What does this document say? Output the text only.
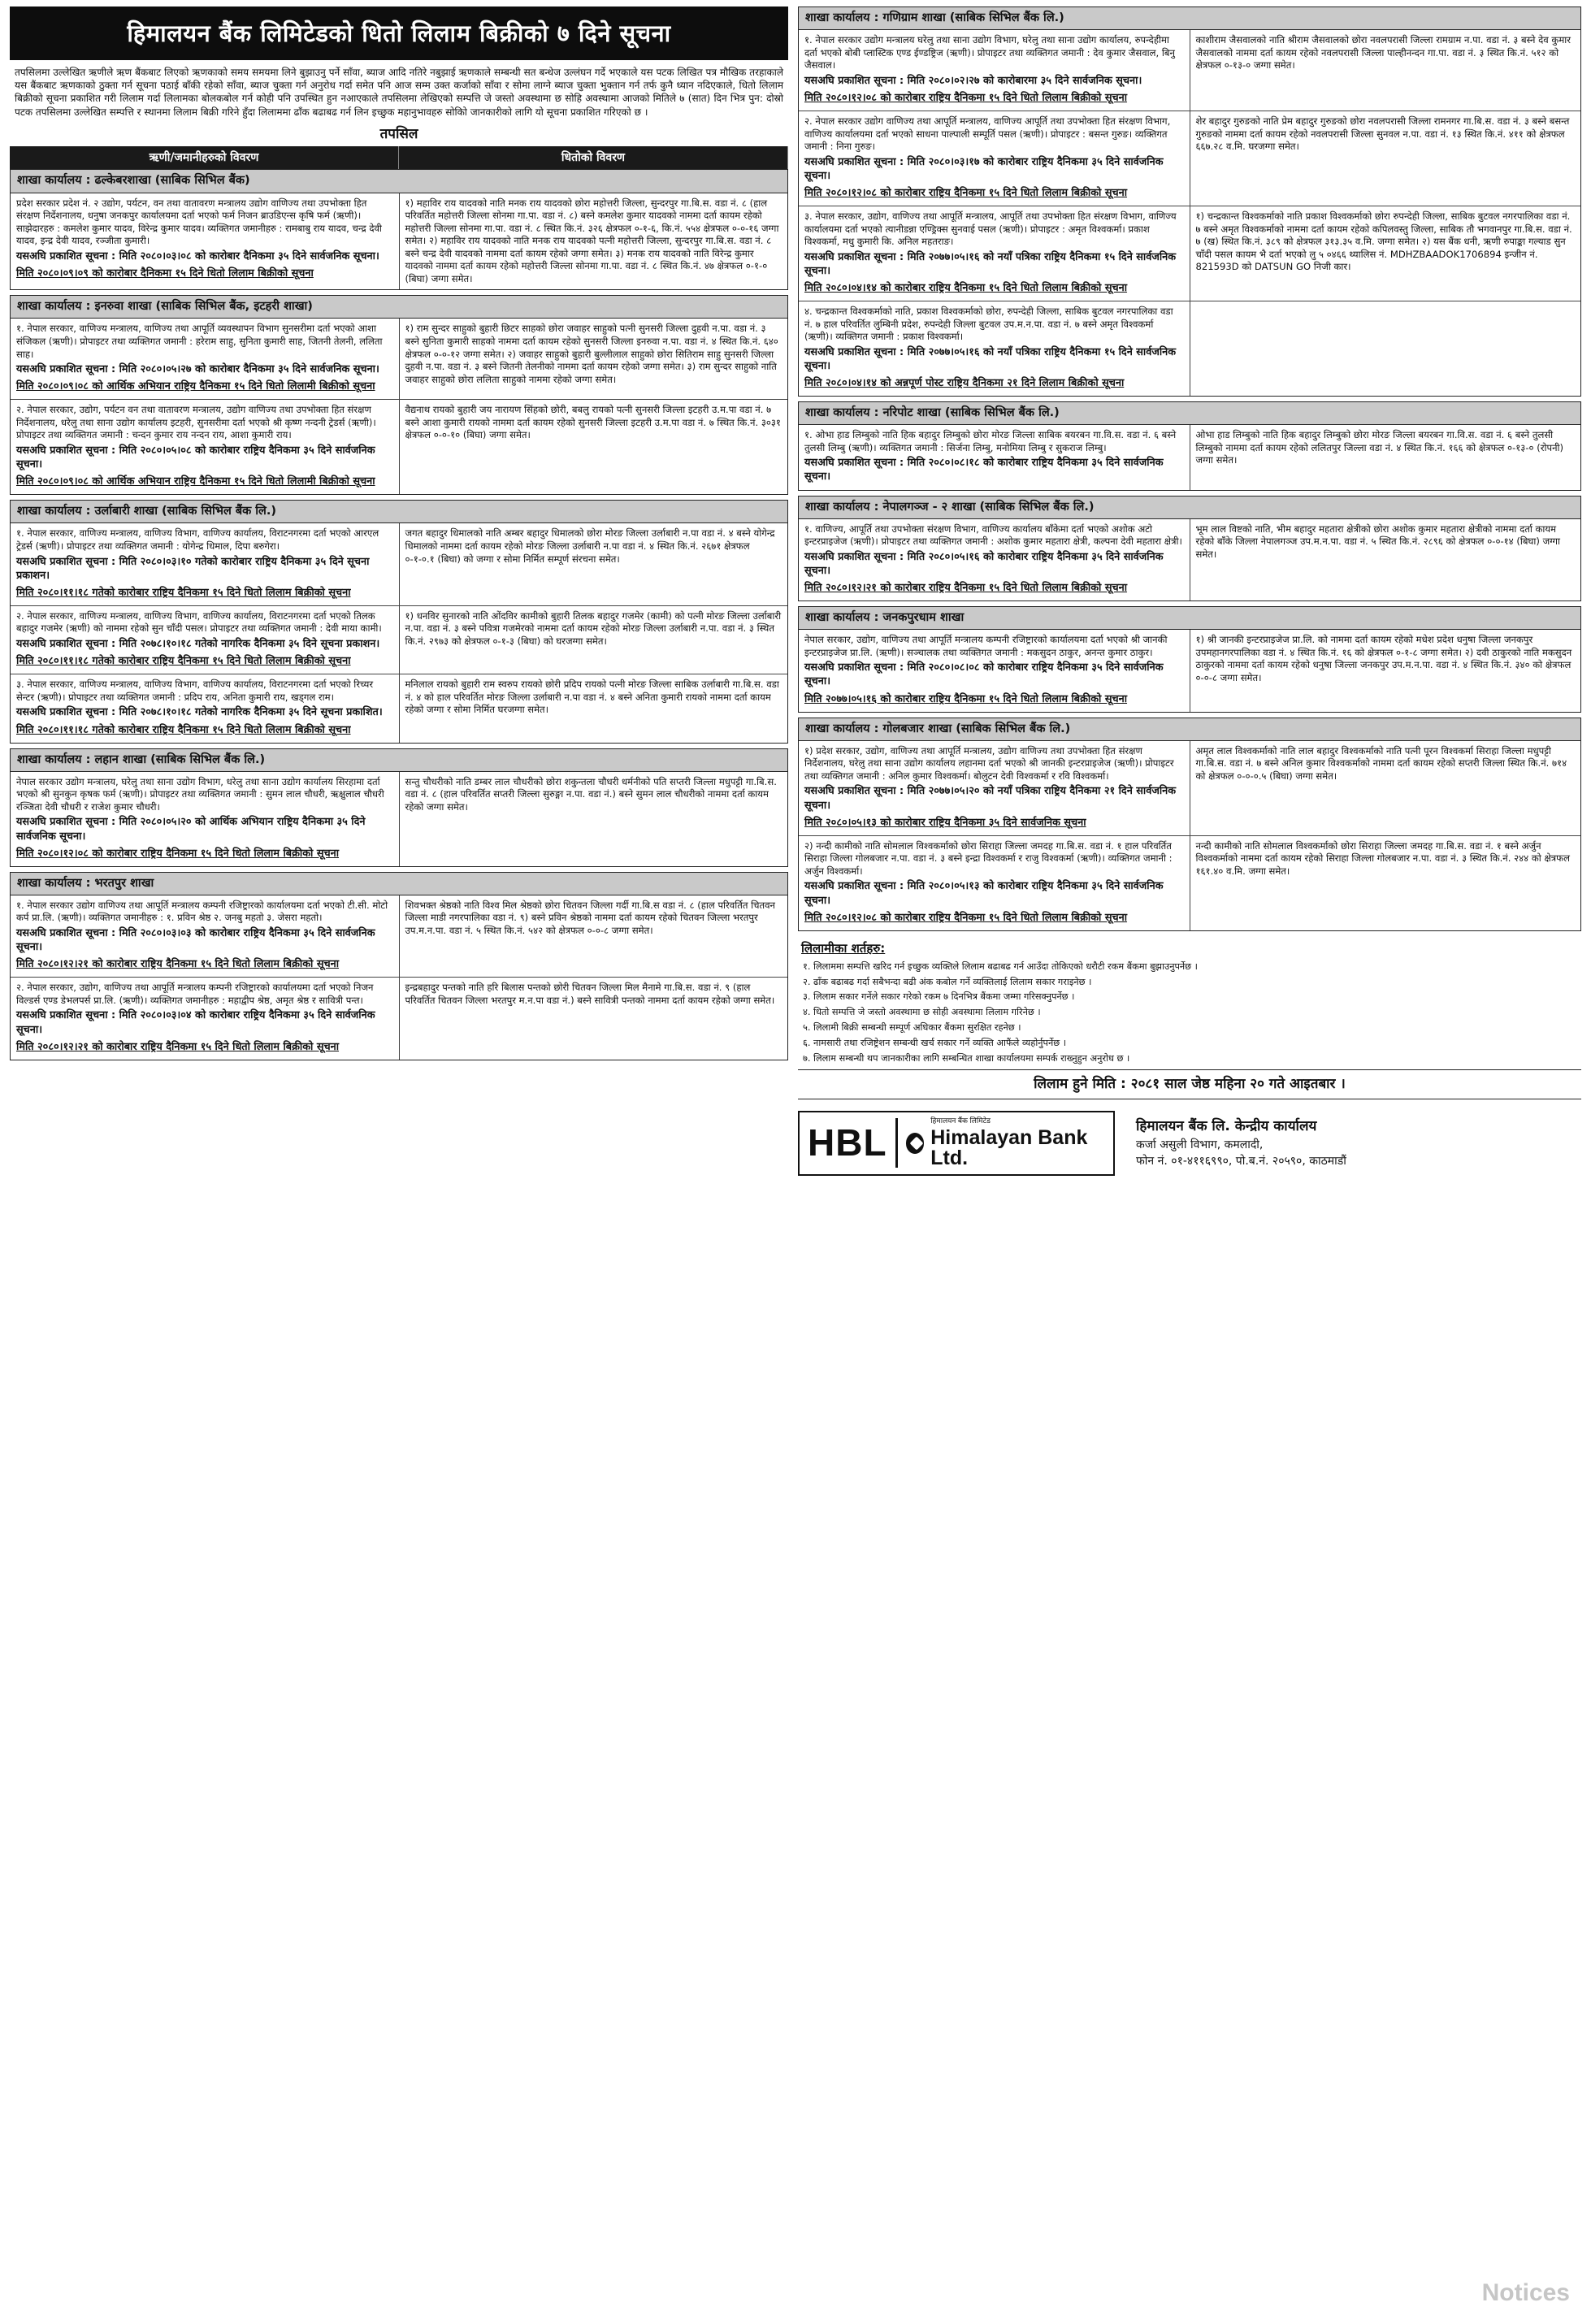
हिमालयन बैंक लिमिटेडको धितो लिलाम बिक्रीको ७ दिने सूचना
तपसिलमा उल्लेखित ऋणीले ऋण बैंकबाट लिएको ऋणकाको समय समयमा लिने बुझाउनु पर्ने साँवा, ब्याज आदि नतिरे नबुझाई ऋणकाले सम्बन्धी सत बन्धेज उल्लंघन गर्दे भएकाले यस पटक लिखित पत्र मौखिक तरहाकाले यस बैंकबाट ऋणकाको ठुक्ता गर्न सूचना पठाई बाँकी रहेको साँवा, ब्याज चुक्ता गर्न अनुरोध गर्दा समेत पनि आज सम्म उक्त कर्जाको साँवा र सोमा लाग्ने ब्याज चुक्ता भुक्तान गर्न तर्फ कुनै ध्यान नदिएकाले, धितो लिलाम बिक्रीको सूचना प्रकाशित गरी लिलाम गर्दा लिलामका बोलकबोल गर्न कोही पनि उपस्थित हुन नआएकाले तपसिलमा लेखिएको सम्पत्ति जे जस्तो अवस्थामा छ सोहि अवस्थामा आजको मितिले ७ (सात) दिन भित्र पुन: दोस्रो पटक तपसिलमा उल्लेखित सम्पत्ति र स्थानमा लिलाम बिक्री गरिने हुँदा लिलाममा ढाँक बढाबढ गर्न लिन इच्छुक महानुभावहरु सोकिो जानकारीको लागि यो सूचना प्रकाशित गरिएको छ ।
तपसिल
ऋणी/जमानीहरुको विवरण	धितोको विवरण
शाखा कार्यालय : ढल्केबरशाखा (साबिक सिभिल बैंक)
प्रदेश सरकार प्रदेश नं. २ उद्योग, पर्यटन, वन तथा वातावरण मन्त्रालय उद्योग वाणिज्य तथा उपभोक्ता हित संरक्षण निर्देशनालय, धनुषा जनकपुर कार्यालयमा दर्ता भएको फर्म निजन ब्राउडिएन्स कृषि फर्म (ऋणी)। साझेदारहरु : कमलेश कुमार यादव, विरेन्द्र कुमार यादव। व्यक्तिगत जमानीहरु : रामबाबु राय यादव, चन्द्र देवी यादव, इन्द्र देवी यादव, रञ्जीता कुमारी।
यसअघि प्रकाशित सूचना : मिति २०८०।०३।०८ को कारोबार दैनिकमा ३५ दिने सार्वजनिक सूचना।
मिति २०८०।०९।०९ को कारोबार दैनिकमा १५ दिने धितो लिलाम बिक्रीको सूचना
१) महाविर राय यादवको नाति मनक राय यादवको छोरा महोत्तरी जिल्ला, सुन्दरपुर गा.बि.स. वडा नं. ८ (हाल परिवर्तित महोत्तरी जिल्ला सोनमा गा.पा. वडा नं. ८) बस्ने कमलेश कुमार यादवको नाममा दर्ता कायम रहेको महोत्तरी जिल्ला सोनमा गा.पा. वडा नं. ८ स्थित कि.नं. ३२६ क्षेत्रफल ०-१-६, कि.नं. ५५४ क्षेत्रफल ०-०-१६ जग्गा समेत। २) महाविर राय यादवको नाति मनक राय यादवको पत्नी महोत्तरी जिल्ला, सुन्दरपुर गा.बि.स. वडा नं. ८ बस्ने चन्द्र देवी यादवको नाममा दर्ता कायम रहेको जग्गा समेत। ३) मनक राय यादवको नाति विरेन्द्र कुमार यादवको नाममा दर्ता कायम रहेको महोत्तरी जिल्ला सोनमा गा.पा. वडा नं. ८ स्थित कि.नं. ४७ क्षेत्रफल ०-१-० (बिघा) जग्गा समेत।
शाखा कार्यालय : इनरुवा शाखा (साबिक सिभिल बैंक, इटहरी शाखा)
१. नेपाल सरकार, वाणिज्य मन्त्रालय, वाणिज्य तथा आपूर्ति व्यवस्थापन विभाग सुनसरीमा दर्ता भएको आशा संजिकल (ऋणी)। प्रोपाइटर तथा व्यक्तिगत जमानी : हरेराम साहु, सुनिता कुमारी साह, जितनी तेलनी, ललिता साह।
यसअघि प्रकाशित सूचना : मिति २०८०।०५।२७ को कारोबार दैनिकमा ३५ दिने सार्वजनिक सूचना।
मिति २०८०।०९।०८ को आर्थिक अभियान राष्ट्रिय दैनिकमा १५ दिने धितो लिलामी बिक्रीको सूचना
१) राम सुन्दर साहुको बुहारी छिटर साहको छोरा जवाहर साहुको पत्नी सुनसरी जिल्ला दुहवी न.पा. वडा नं. ३ बस्ने सुनिता कुमारी साहको नाममा दर्ता कायम रहेको सुनसरी जिल्ला इनरुवा न.पा. वडा नं. ४ स्थित कि.नं. ६४० क्षेत्रफल ०-०-१२ जग्गा समेत। २) जवाहर साहुको बुहारी बुल्लीलाल साहुको छोरा सितिराम साहु सुनसरी जिल्ला दुहवी न.पा. वडा नं. ३ बस्ने जितनी तेलनीको नाममा दर्ता कायम रहेको जग्गा समेत। ३) राम सुन्दर साहुको नाति जवाहर साहुको छोरा ललिता साहुको नाममा रहेको जग्गा समेत।
२. नेपाल सरकार, उद्योग, पर्यटन वन तथा वातावरण मन्त्रालय, उद्योग वाणिज्य तथा उपभोक्ता हित संरक्षण निर्देशनालय, धरेलु तथा साना उद्योग कार्यालय इटहरी, सुनसरीमा दर्ता भएको श्री कृष्ण नन्दनी ट्रेडर्स (ऋणी)। प्रोपाइटर तथा व्यक्तिगत जमानी : चन्दन कुमार राय नन्दन राय, आशा कुमारी राय।
यसअघि प्रकाशित सूचना : मिति २०८०।०५।०८ को कारोबार राष्ट्रिय दैनिकमा ३५ दिने सार्वजनिक सूचना।
मिति २०८०।०९।०८ को आर्थिक अभियान राष्ट्रिय दैनिकमा १५ दिने धितो लिलामी बिक्रीको सूचना
वैद्यनाथ रायको बुहारी जय नारायण सिंहको छोरी, बबलु रायको पत्नी सुनसरी जिल्ला इटहरी उ.म.पा वडा नं. ७ बस्ने आशा कुमारी रायको नाममा दर्ता कायम रहेको सुनसरी जिल्ला इटहरी उ.म.पा वडा नं. ७ स्थित कि.नं. ३०३१ क्षेत्रफल ०-०-१० (बिघा) जग्गा समेत।
शाखा कार्यालय : उर्लाबारी शाखा (साबिक सिभिल बैंक लि.)
१. नेपाल सरकार, वाणिज्य मन्त्रालय, वाणिज्य विभाग, वाणिज्य कार्यालय, विराटनगरमा दर्ता भएको आरएल ट्रेडर्स (ऋणी)। प्रोपाइटर तथा व्यक्तिगत जमानी : योगेन्द्र धिमाल, दिपा बरुगेरा।
यसअघि प्रकाशित सूचना : मिति २०८०।०३।१० गतेको कारोबार राष्ट्रिय दैनिकमा ३५ दिने सूचना प्रकाशन।
मिति २०८०।११।१८ गतेको कारोबार राष्ट्रिय दैनिकमा १५ दिने धितो लिलाम बिक्रीको सूचना
जगत बहादुर धिमालको नाति अम्बर बहादुर धिमालको छोरा मोरङ जिल्ला उर्लाबारी न.पा वडा नं. ४ बस्ने योगेन्द्र धिमालको नाममा दर्ता कायम रहेको मोरङ जिल्ला उर्लाबारी न.पा वडा नं. ४ स्थित कि.नं. २६७१ क्षेत्रफल ०-१-०.१ (बिघा) को जग्गा र सोमा निर्मित सम्पूर्ण संरचना समेत।
२. नेपाल सरकार, वाणिज्य मन्त्रालय, वाणिज्य विभाग, वाणिज्य कार्यालय, विराटनगरमा दर्ता भएको तिलक बहादुर गजमेर (ऋणी) को नाममा रहेको सुन चाँदी पसल। प्रोपाइटर तथा व्यक्तिगत जमानी : देवी माया कामी।
यसअघि प्रकाशित सूचना : मिति २०७८।१०।१८ गतेको नागरिक दैनिकमा ३५ दिने सूचना प्रकाशन।
मिति २०८०।११।१८ गतेको कारोबार राष्ट्रिय दैनिकमा १५ दिने धितो लिलाम बिक्रीको सूचना
१) धनविर सुनारको नाति ओंदविर कामीको बुहारी तिलक बहादुर गजमेर (कामी) को पत्नी मोरङ जिल्ला उर्लाबारी न.पा. वडा नं. ३ बस्ने पवित्रा गजमेरको नाममा दर्ता कायम रहेको मोरङ जिल्ला उर्लाबारी न.पा. वडा नं. ३ स्थित कि.नं. २९७३ को क्षेत्रफल ०-१-३ (बिघा) को घरजग्गा समेत।
३. नेपाल सरकार, वाणिज्य मन्त्रालय, वाणिज्य विभाग, वाणिज्य कार्यालय, विराटनगरमा दर्ता भएको रिच्यर सेन्टर (ऋणी)। प्रोपाइटर तथा व्यक्तिगत जमानी : प्रदिप राय, अनिता कुमारी राय, खड्गल राम।
यसअघि प्रकाशित सूचना : मिति २०७८।१०।१८ गतेको नागरिक दैनिकमा ३५ दिने सूचना प्रकाशित।
मिति २०८०।११।१८ गतेको कारोबार राष्ट्रिय दैनिकमा १५ दिने धितो लिलाम बिक्रीको सूचना
मनिलाल रायको बुहारी राम स्वरुप रायको छोरी प्रदिप रायको पत्नी मोरङ जिल्ला साबिक उर्लाबारी गा.बि.स. वडा नं. ४ को हाल परिवर्तित मोरङ जिल्ला उर्लाबारी न.पा वडा नं. ४ बस्ने अनिता कुमारी रायको नाममा दर्ता कायम रहेको जग्गा र सोमा निर्मित घरजग्गा समेत।
शाखा कार्यालय : लहान शाखा (साबिक सिभिल बैंक लि.)
नेपाल सरकार उद्योग मन्त्रालय, घरेलु तथा साना उद्योग विभाग, धरेलु तथा साना उद्योग कार्यालय सिरहामा दर्ता भएको श्री सुनकुन कृषक फर्म (ऋणी)। प्रोपाइटर तथा व्यक्तिगत जमानी : सुमन लाल चौधरी, ऋक्षुलाल चौधरी रञ्जिता देवी चौधरी र राजेश कुमार चौधरी।
यसअघि प्रकाशित सूचना : मिति २०८०।०५।२० को आर्थिक अभियान राष्ट्रिय दैनिकमा ३५ दिने सार्वजनिक सूचना।
मिति २०८०।१२।०८ को कारोबार राष्ट्रिय दैनिकमा १५ दिने धितो लिलाम बिक्रीको सूचना
सन्तु चौधरीको नाति डम्बर लाल चौधरीको छोरा शकुन्तला चौधरी धर्मनीको पति सप्तरी जिल्ला मधुपट्टी गा.बि.स. वडा नं. ८ (हाल परिवर्तित सप्तरी जिल्ला सुरुङ्गा न.पा. वडा नं.) बस्ने सुमन लाल चौधरीको नाममा दर्ता कायम रहेको जग्गा समेत।
शाखा कार्यालय : भरतपुर शाखा
१. नेपाल सरकार उद्योग वाणिज्य तथा आपूर्ति मन्त्रालय कम्पनी रजिष्ट्रारको कार्यालयमा दर्ता भएको टी.सी. मोटो कर्प प्रा.लि. (ऋणी)। व्यक्तिगत जमानीहरु : १. प्रविन श्रेष्ठ २. जनबु महतो ३. जेसरा महतो।
यसअघि प्रकाशित सूचना : मिति २०८०।०३।०३ को कारोबार राष्ट्रिय दैनिकमा ३५ दिने सार्वजनिक सूचना।
मिति २०८०।१२।२१ को कारोबार राष्ट्रिय दैनिकमा १५ दिने धितो लिलाम बिक्रीको सूचना
शिवभक्त श्रेष्ठको नाति विश्व मिल श्रेष्ठको छोरा चितवन जिल्ला गर्दी गा.बि.स वडा नं. ८ (हाल परिवर्तित चितवन जिल्ला माडी नगरपालिका वडा नं. ९) बस्ने प्रविन श्रेष्ठको नाममा दर्ता कायम रहेको चितवन जिल्ला भरतपुर उप.म.न.पा. वडा नं. ५ स्थित कि.नं. ५४२ को क्षेत्रफल ०-०-८ जग्गा समेत।
२. नेपाल सरकार, उद्योग, वाणिज्य तथा आपूर्ति मन्त्रालय कम्पनी रजिष्ट्रारको कार्यालयमा दर्ता भएको निजन विल्डर्स एण्ड डेभलपर्स प्रा.लि. (ऋणी)। व्यक्तिगत जमानीहरु : महाद्वीप श्रेष्ठ, अमृत श्रेष्ठ र सावित्री पन्त।
यसअघि प्रकाशित सूचना : मिति २०८०।०३।०४ को कारोबार राष्ट्रिय दैनिकमा ३५ दिने सार्वजनिक सूचना।
मिति २०८०।१२।२१ को कारोबार राष्ट्रिय दैनिकमा १५ दिने धितो लिलाम बिक्रीको सूचना
इन्द्रबहादुर पन्तको नाति हरि बिलास पन्तको छोरी चितवन जिल्ला मिल मैनामे गा.बि.स. वडा नं. ९ (हाल परिवर्तित चितवन जिल्ला भरतपुर म.न.पा वडा नं.) बस्ने सावित्री पन्तको नाममा दर्ता कायम रहेको जग्गा समेत।
शाखा कार्यालय : गणिग्राम शाखा (साबिक सिभिल बैंक लि.)
१. नेपाल सरकार उद्योग मन्त्रालय घरेलु तथा साना उद्योग विभाग, घरेलु तथा साना उद्योग कार्यालय, रुपन्देहीमा दर्ता भएको बोबी प्लास्टिक एण्ड ईण्डष्ट्रिज (ऋणी)। प्रोपाइटर तथा व्यक्तिगत जमानी : देव कुमार जैसवाल, बिनु जैसवाल।
यसअघि प्रकाशित सूचना : मिति २०८०।०२।२७ को कारोबारमा ३५ दिने सार्वजनिक सूचना।
मिति २०८०।१२।०८ को कारोबार राष्ट्रिय दैनिकमा १५ दिने धितो लिलाम बिक्रीको सूचना
काशीराम जैसवालको नाति श्रीराम जैसवालको छोरा नवलपरासी जिल्ला रामग्राम न.पा. वडा नं. ३ बस्ने देव कुमार जैसवालको नाममा दर्ता कायम रहेको नवलपरासी जिल्ला पाल्हीनन्दन गा.पा. वडा नं. ३ स्थित कि.नं. ५१२ को क्षेत्रफल ०-१३-० जग्गा समेत।
२. नेपाल सरकार उद्योग वाणिज्य तथा आपूर्ति मन्त्रालय, वाणिज्य आपूर्ति तथा उपभोक्ता हित संरक्षण विभाग, वाणिज्य कार्यालयमा दर्ता भएको साधना पाल्पाली सम्पूर्ति पसल (ऋणी)। प्रोपाइटर : बसन्त गुरुङ। व्यक्तिगत जमानी : निना गुरुङ।
यसअघि प्रकाशित सूचना : मिति २०८०।०३।१७ को कारोबार राष्ट्रिय दैनिकमा ३५ दिने सार्वजनिक सूचना।
मिति २०८०।१२।०८ को कारोबार राष्ट्रिय दैनिकमा १५ दिने धितो लिलाम बिक्रीको सूचना
शेर बहादुर गुरुङको नाति प्रेम बहादुर गुरुङको छोरा नवलपरासी जिल्ला रामनगर गा.बि.स. वडा नं. ३ बस्ने बसन्त गुरुङको नाममा दर्ता कायम रहेको नवलपरासी जिल्ला सुनवल न.पा. वडा नं. १३ स्थित कि.नं. ४११ को क्षेत्रफल ६६७.२८ व.मि. घरजग्गा समेत।
३. नेपाल सरकार, उद्योग, वाणिज्य तथा आपूर्ति मन्त्रालय, आपूर्ति तथा उपभोक्ता हित संरक्षण विभाग, वाणिज्य कार्यालयमा दर्ता भएको त्यानीडन्ना एण्ड्रिक्स सुनवाई पसल (ऋणी)। प्रोपाइटर : अमृत विश्वकर्मा। प्रकाश विश्वकर्मा, मधु कुमारी कि. अनिल महतराङ।
यसअघि प्रकाशित सूचना : मिति २०७७।०५।१६ को नयाँ पत्रिका राष्ट्रिय दैनिकमा १५ दिने सार्वजनिक सूचना।
मिति २०८०।०४।१४ को कारोबार राष्ट्रिय दैनिकमा १५ दिने धितो लिलाम बिक्रीको सूचना
१) चन्द्रकान्त विश्वकर्माको नाति प्रकाश विश्वकर्माको छोरा रुपन्देही जिल्ला, साबिक बुटवल नगरपालिका वडा नं. ७ बस्ने अमृत विश्वकर्माको नाममा दर्ता कायम रहेको कपिलवस्तु जिल्ला, साबिक तौ भगवानपुर गा.बि.स. वडा नं. ७ (ख) स्थित कि.नं. ३८९ को क्षेत्रफल ३१३.३५ व.मि. जग्गा समेत। २) यस बैंक धनी, ऋणी रुपाङ्का गल्याड सुन चाँदी पसल कायम भै दर्ता भएको लु ५ ०४६६ थ्यालिस नं. MDHZBAADOK1706894 इन्जीन नं. 821593D को DATSUN GO निजी कार।
४. चन्द्रकान्त विश्वकर्माको नाति, प्रकाश विश्वकर्माको छोरा, रुपन्देही जिल्ला, साबिक बुटवल नगरपालिका वडा नं. ७ हाल परिवर्तित लुम्बिनी प्रदेश, रुपन्देही जिल्ला बुटवल उप.म.न.पा. वडा नं. ७ बस्ने अमृत विश्वकर्मा (ऋणी)। व्यक्तिगत जमानी : प्रकाश विश्वकर्मा।
यसअघि प्रकाशित सूचना : मिति २०७७।०५।१६ को नयाँ पत्रिका राष्ट्रिय दैनिकमा १५ दिने सार्वजनिक सूचना।
मिति २०८०।०४।१४ को अन्नपूर्ण पोस्ट राष्ट्रिय दैनिकमा २१ दिने लिलाम बिक्रीको सूचना
शाखा कार्यालय : नरिपोट शाखा (साबिक सिभिल बैंक लि.)
१. ओभा हाड लिम्बुको नाति हिक बहादुर लिम्बुको छोरा मोरङ जिल्ला साबिक बयरबन गा.वि.स. वडा नं. ६ बस्ने तुलसी लिम्बु (ऋणी)। व्यक्तिगत जमानी : सिर्जना लिम्बु, मनोमिया लिम्बु र सुकराज लिम्बु।
यसअघि प्रकाशित सूचना : मिति २०८०।०८।१८ को कारोबार राष्ट्रिय दैनिकमा ३५ दिने सार्वजनिक सूचना।
ओभा हाड लिम्बुको नाति हिक बहादुर लिम्बुको छोरा मोरङ जिल्ला बयरबन गा.वि.स. वडा नं. ६ बस्ने तुलसी लिम्बुको नाममा दर्ता कायम रहेको ललितपुर जिल्ला वडा नं. ४ स्थित कि.नं. १६६ को क्षेत्रफल ०-१३-० (रोपनी) जग्गा समेत।
शाखा कार्यालय : नेपालगञ्ज - २ शाखा (साबिक सिभिल बैंक लि.)
१. वाणिज्य, आपूर्ति तथा उपभोक्ता संरक्षण विभाग, वाणिज्य कार्यालय बाँकेमा दर्ता भएको अशोक अटो इन्टरप्राइजेज (ऋणी)। प्रोपाइटर तथा व्यक्तिगत जमानी : अशोक कुमार महतारा क्षेत्री, कल्पना देवी महतारा क्षेत्री।
यसअघि प्रकाशित सूचना : मिति २०८०।०५।१६ को कारोबार राष्ट्रिय दैनिकमा ३५ दिने सार्वजनिक सूचना।
मिति २०८०।१२।२१ को कारोबार राष्ट्रिय दैनिकमा १५ दिने धितो लिलाम बिक्रीको सूचना
भूम लाल विष्टको नाति, भीम बहादुर महतारा क्षेत्रीको छोरा अशोक कुमार महतारा क्षेत्रीको नाममा दर्ता कायम रहेको बाँके जिल्ला नेपालगञ्ज उप.म.न.पा. वडा नं. ५ स्थित कि.नं. २८९६ को क्षेत्रफल ०-०-१४ (बिघा) जग्गा समेत।
शाखा कार्यालय : जनकपुरधाम शाखा
नेपाल सरकार, उद्योग, वाणिज्य तथा आपूर्ति मन्त्रालय कम्पनी रजिष्ट्रारको कार्यालयमा दर्ता भएको श्री जानकी इन्टरप्राइजेज प्रा.लि. (ऋणी)। सञ्चालक तथा व्यक्तिगत जमानी : मकसुदन ठाकुर, अनन्त कुमार ठाकुर।
यसअघि प्रकाशित सूचना : मिति २०८०।०८।०८ को कारोबार राष्ट्रिय दैनिकमा ३५ दिने सार्वजनिक सूचना।
मिति २०७७।०५।१६ को कारोबार राष्ट्रिय दैनिकमा १५ दिने धितो लिलाम बिक्रीको सूचना
१) श्री जानकी इन्टरप्राइजेज प्रा.लि. को नाममा दर्ता कायम रहेको मधेश प्रदेश धनुषा जिल्ला जनकपुर उपमहानगरपालिका वडा नं. ४ स्थित कि.नं. १६ को क्षेत्रफल ०-१-८ जग्गा समेत। २) दवी ठाकुरको नाति मकसुदन ठाकुरको नाममा दर्ता कायम रहेको धनुषा जिल्ला जनकपुर उप.म.न.पा. वडा नं. ४ स्थित कि.नं. ३४० को क्षेत्रफल ०-०-८ जग्गा समेत।
शाखा कार्यालय : गोलबजार शाखा (साबिक सिभिल बैंक लि.)
१) प्रदेश सरकार, उद्योग, वाणिज्य तथा आपूर्ति मन्त्रालय, उद्योग वाणिज्य तथा उपभोक्ता हित संरक्षण निर्देशनालय, घरेलु तथा साना उद्योग कार्यालय लहानमा दर्ता भएको श्री जानकी इन्टरप्राइजेज (ऋणी)। प्रोपाइटर तथा व्यक्तिगत जमानी : अनिल कुमार विश्वकर्मा। बोलुटन देवी विश्वकर्मा र रवि विश्वकर्मा।
यसअघि प्रकाशित सूचना : मिति २०७७।०५।२० को नयाँ पत्रिका राष्ट्रिय दैनिकमा २१ दिने सार्वजनिक सूचना।
मिति २०८०।०५।१३ को कारोबार राष्ट्रिय दैनिकमा ३५ दिने सार्वजनिक सूचना
अमृत लाल विश्वकर्माको नाति लाल बहादुर विश्वकर्माको नाति पत्नी पूरन विश्वकर्मा सिराहा जिल्ला मधुपट्टी गा.बि.स. वडा नं. ७ बस्ने अनिल कुमार विश्वकर्माको नाममा दर्ता कायम रहेको सप्तरी जिल्ला स्थित कि.नं. ७१४ को क्षेत्रफल ०-०-०.५ (बिघा) जग्गा समेत।
२) नन्दी कामीको नाति सोमलाल विश्वकर्माको छोरा सिराहा जिल्ला जमदह गा.बि.स. वडा नं. १ हाल परिवर्तित सिराहा जिल्ला गोलबजार न.पा. वडा नं. ३ बस्ने इन्द्रा विश्वकर्मा र राजु विश्वकर्मा (ऋणी)। व्यक्तिगत जमानी : अर्जुन विश्वकर्मा।
यसअघि प्रकाशित सूचना : मिति २०८०।०५।१३ को कारोबार राष्ट्रिय दैनिकमा ३५ दिने सार्वजनिक सूचना।
मिति २०८०।१२।०८ को कारोबार राष्ट्रिय दैनिकमा १५ दिने धितो लिलाम बिक्रीको सूचना
नन्दी कामीको नाति सोमलाल विश्वकर्माको छोरा सिराहा जिल्ला जमदह गा.बि.स. वडा नं. १ बस्ने अर्जुन विश्वकर्माको नाममा दर्ता कायम रहेको सिराहा जिल्ला गोलबजार न.पा. वडा नं. ३ स्थित कि.नं. २४४ को क्षेत्रफल १६१.४० व.मि. जग्गा समेत।
लिलामीका शर्तहरु:
१. लिलाममा सम्पत्ति खरिद गर्न इच्छुक व्यक्तिले लिलाम बढाबढ गर्न आउँदा तोकिएको धरौटी रकम बैंकमा बुझाउनुपर्नेछ ।
२. ढाँक बढाबढ गर्दा सबैभन्दा बढी अंक कबोल गर्ने व्यक्तिलाई लिलाम सकार गराइनेछ ।
३. लिलाम सकार गर्नेले सकार गरेको रकम ७ दिनभित्र बैंकमा जम्मा गरिसक्नुपर्नेछ ।
४. धितो सम्पत्ति जे जस्तो अवस्थामा छ सोही अवस्थामा लिलाम गरिनेछ ।
५. लिलामी बिक्री सम्बन्धी सम्पूर्ण अधिकार बैंकमा सुरक्षित रहनेछ ।
६. नामसारी तथा रजिष्ट्रेशन सम्बन्धी खर्च सकार गर्ने व्यक्ति आफैंले व्यहोर्नुपर्नेछ ।
७. लिलाम सम्बन्धी थप जानकारीका लागि सम्बन्धित शाखा कार्यालयमा सम्पर्क राख्नुहुन अनुरोध छ ।
लिलाम हुने मिति : २०८१ साल जेष्ठ महिना २० गते आइतबार ।
HBL
हिमालयन बैंक लिमिटेड
Himalayan Bank Ltd.
हिमालयन बैंक लि. केन्द्रीय कार्यालय
कर्जा असुली विभाग, कमलादी,
फोन नं. ०१-४११६९९०, पो.ब.नं. २०५९०, काठमाडौं
Notices
